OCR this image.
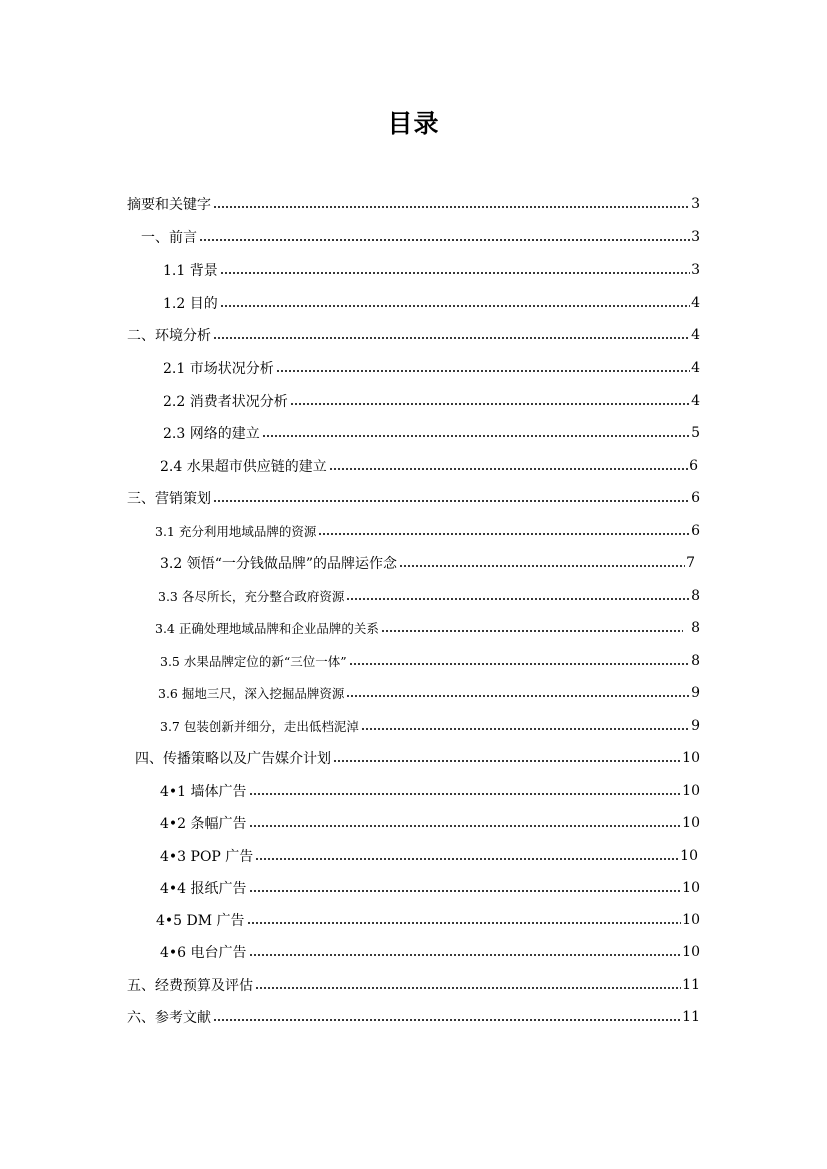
目录
摘要和关键字	3
一、前言	3
1.1 背景	3
1.2 目的	4
二、环境分析	4
2.1 市场状况分析	4
2.2 消费者状况分析	4
2.3 网络的建立	5
2.4 水果超市供应链的建立	6
三、营销策划	6
3.1 充分利用地域品牌的资源	6
3.2 领悟“一分钱做品牌”的品牌运作念	7
3.3 各尽所长，充分整合政府资源	8
3.4 正确处理地域品牌和企业品牌的关系	8
3.5 水果品牌定位的新“三位一体”	8
3.6 掘地三尺，深入挖掘品牌资源	9
3.7 包装创新并细分，走出低档泥淖	9
四、传播策略以及广告媒介计划	10
4•1 墙体广告	10
4•2 条幅广告	10
4•3 POP 广告	10
4•4 报纸广告	10
4•5 DM 广告	10
4•6 电台广告	10
五、经费预算及评估	11
六、参考文献	11
